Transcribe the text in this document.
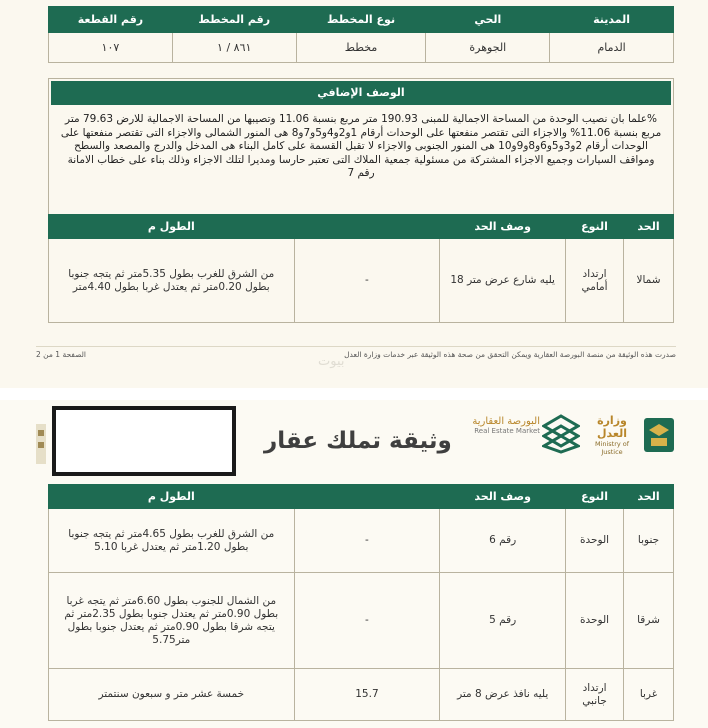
المدينة	الحي	نوع المخطط	رقم المخطط	رقم القطعة
الدمام	الجوهرة	مخطط	٨٦١ / ١	١٠٧
الوصف الإضافي
%علما بان نصيب الوحدة من المساحة الاجمالية للمبنى 190.93 متر مربع بنسبة 11.06 وتصيبها من المساحة الاجمالية للارض 79.63 متر مربع بنسبة 11.06% والاجزاء التى تقتصر منفعتها على الوحدات أرقام 1و2و4و5و7و8 هى المنور الشمالى والاجزاء التى تقتصر منفعتها على الوحدات أرقام 2و3و5و6و8و9و10 هى المنور الجنوبى والاجزاء لا تقبل القسمة على كامل البناء هى المدخل والدرج والمصعد والسطح ومواقف السيارات وجميع الاجزاء المشتركة من مسئولية جمعية الملاك التى تعتبر حارسا ومديرا لتلك الاجزاء وذلك بناء على خطاب الامانة رقم 7
الحد	النوع	وصف الحد		الطول م
شمالا	ارتداد أمامي	يليه شارع عرض متر 18	-	من الشرق للغرب بطول 5.35متر ثم يتجه جنوبا بطول 0.20متر ثم يعتدل غربا بطول 4.40متر
صدرت هذه الوثيقة من منصة البورصة العقارية ويمكن التحقق من صحة هذه الوثيقة عبر خدمات وزارة العدل
الصفحة 1 من 2	بيوت
وثيقة تملك عقار
البورصة العقارية
Real Estate Market
وزارة العدل
Ministry of Justice
الحد	النوع	وصف الحد		الطول م
جنوبا	الوحدة	رقم 6	-	من الشرق للغرب بطول 4.65متر ثم يتجه جنوبا بطول 1.20متر ثم يعتدل غربا 5.10
شرقا	الوحدة	رقم 5	-	من الشمال للجنوب بطول 6.60متر ثم يتجه غربا بطول 0.90متر ثم يعتدل جنوبا بطول 2.35متر ثم يتجه شرقا بطول 0.90متر ثم يعتدل جنوبا بطول متر5.75
غربا	ارتداد جانبي	يليه نافذ عرض 8 متر	15.7	خمسة عشر متر و سبعون سنتمتر
